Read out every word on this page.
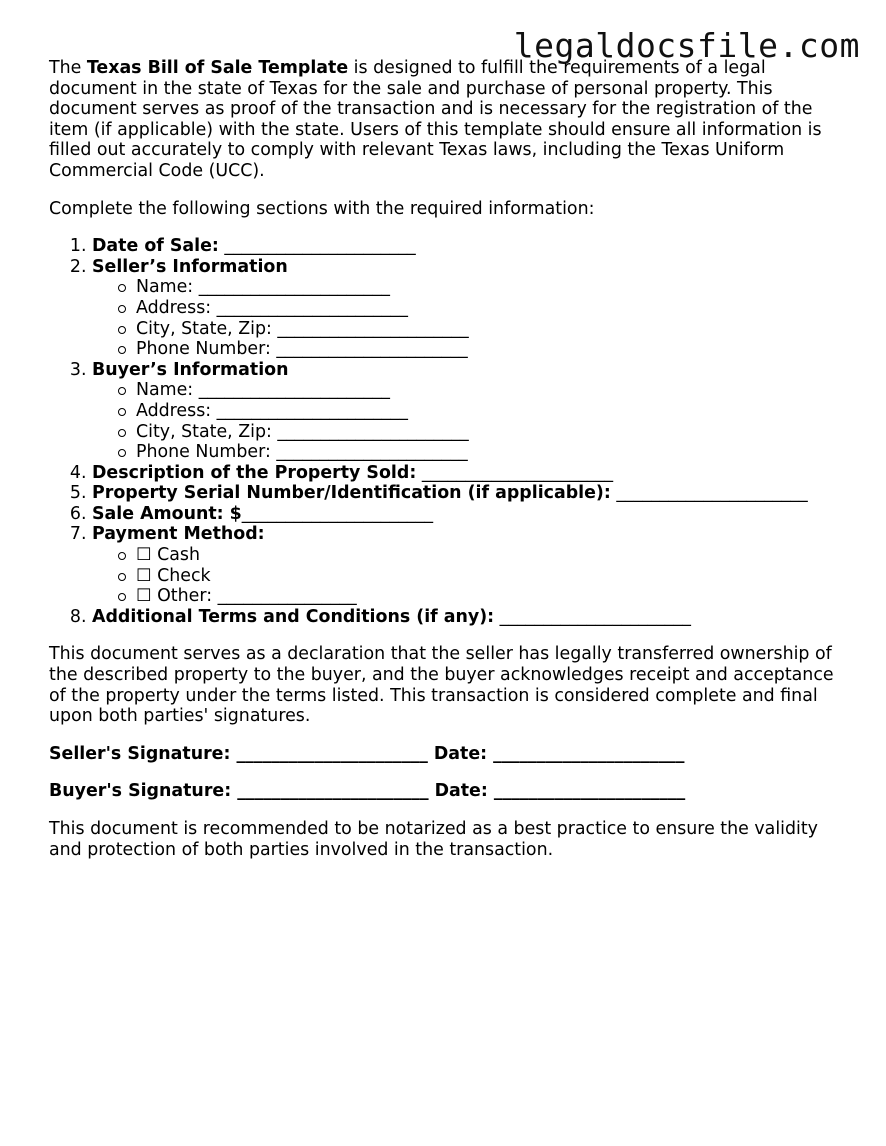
legaldocsfile.com

The Texas Bill of Sale Template is designed to fulfill the requirements of a legal document in the state of Texas for the sale and purchase of personal property. This document serves as proof of the transaction and is necessary for the registration of the item (if applicable) with the state. Users of this template should ensure all information is filled out accurately to comply with relevant Texas laws, including the Texas Uniform Commercial Code (UCC).

Complete the following sections with the required information:

1. Date of Sale: ______________________
2. Seller’s Information
Name: ______________________
Address: ______________________
City, State, Zip: ______________________
Phone Number: ______________________
3. Buyer’s Information
Name: ______________________
Address: ______________________
City, State, Zip: ______________________
Phone Number: ______________________
4. Description of the Property Sold: ______________________
5. Property Serial Number/Identification (if applicable): ______________________
6. Sale Amount: $______________________
7. Payment Method:
☐ Cash
☐ Check
☐ Other: ________________
8. Additional Terms and Conditions (if any): ______________________

This document serves as a declaration that the seller has legally transferred ownership of the described property to the buyer, and the buyer acknowledges receipt and acceptance of the property under the terms listed. This transaction is considered complete and final upon both parties' signatures.

Seller's Signature: ______________________ Date: ______________________
Buyer's Signature: ______________________ Date: ______________________

This document is recommended to be notarized as a best practice to ensure the validity and protection of both parties involved in the transaction.
